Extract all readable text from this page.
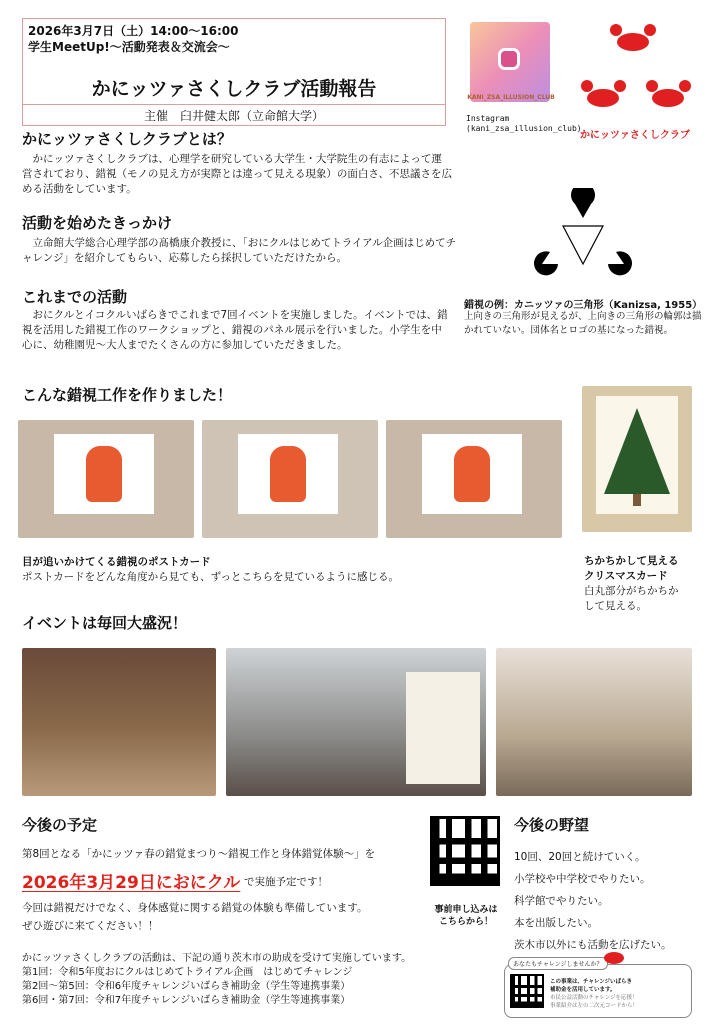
2026年3月7日（土）14:00～16:00
学生MeetUp!～活動発表＆交流会～
かにッツァさくしクラブ活動報告
主催　臼井健太郎（立命館大学）
KANI_ZSA_ILLUSION_CLUB
Instagram
(kani_zsa_illusion_club)
かにッツァさくしクラブ
かにッツァさくしクラブとは？
かにッツァさくしクラブは、心理学を研究している大学生・大学院生の有志によって運営されており、錯視（モノの見え方が実際とは違って見える現象）の面白さ、不思議さを広める活動をしています。
活動を始めたきっかけ
立命館大学総合心理学部の髙橋康介教授に、「おにクルはじめてトライアル企画はじめてチャレンジ」を紹介してもらい、応募したら採択していただけたから。
これまでの活動
おにクルとイコクルいばらきでこれまで7回イベントを実施しました。イベントでは、錯視を活用した錯視工作のワークショップと、錯視のパネル展示を行いました。小学生を中心に、幼稚園児～大人までたくさんの方に参加していただきました。
錯視の例：カニッツァの三角形（Kanizsa, 1955）
上向きの三角形が見えるが、上向きの三角形の輪郭は描かれていない。団体名とロゴの基になった錯視。
こんな錯視工作を作りました！
目が追いかけてくる錯視のポストカード
ポストカードをどんな角度から見ても、ずっとこちらを見ているように感じる。
ちかちかして見える
クリスマスカード
白丸部分がちかちか
して見える。
イベントは毎回大盛況！
今後の予定
第8回となる「かにッツァ春の錯覚まつり～錯視工作と身体錯覚体験～」を
2026年3月29日におにクル で実施予定です！
今回は錯視だけでなく、身体感覚に関する錯覚の体験も準備しています。
ぜひ遊びに来てください！！
事前申し込みは
こちらから！
今後の野望
10回、20回と続けていく。
小学校や中学校でやりたい。
科学館でやりたい。
本を出版したい。
茨木市以外にも活動を広げたい。
かにッツァさくしクラブの活動は、下記の通り茨木市の助成を受けて実施しています。
第1回：令和5年度おにクルはじめてトライアル企画　はじめてチャレンジ
第2回～第5回：令和6年度チャレンジいばらき補助金（学生等連携事業）
第6回・第7回：令和7年度チャレンジいばらき補助金（学生等連携事業）
あなたもチャレンジしませんか？
この事業は、チャレンジいばらき
補助金を活用しています。
市民公益活動のチャレンジを応援！
事業紹介は左の二次元コードから！
